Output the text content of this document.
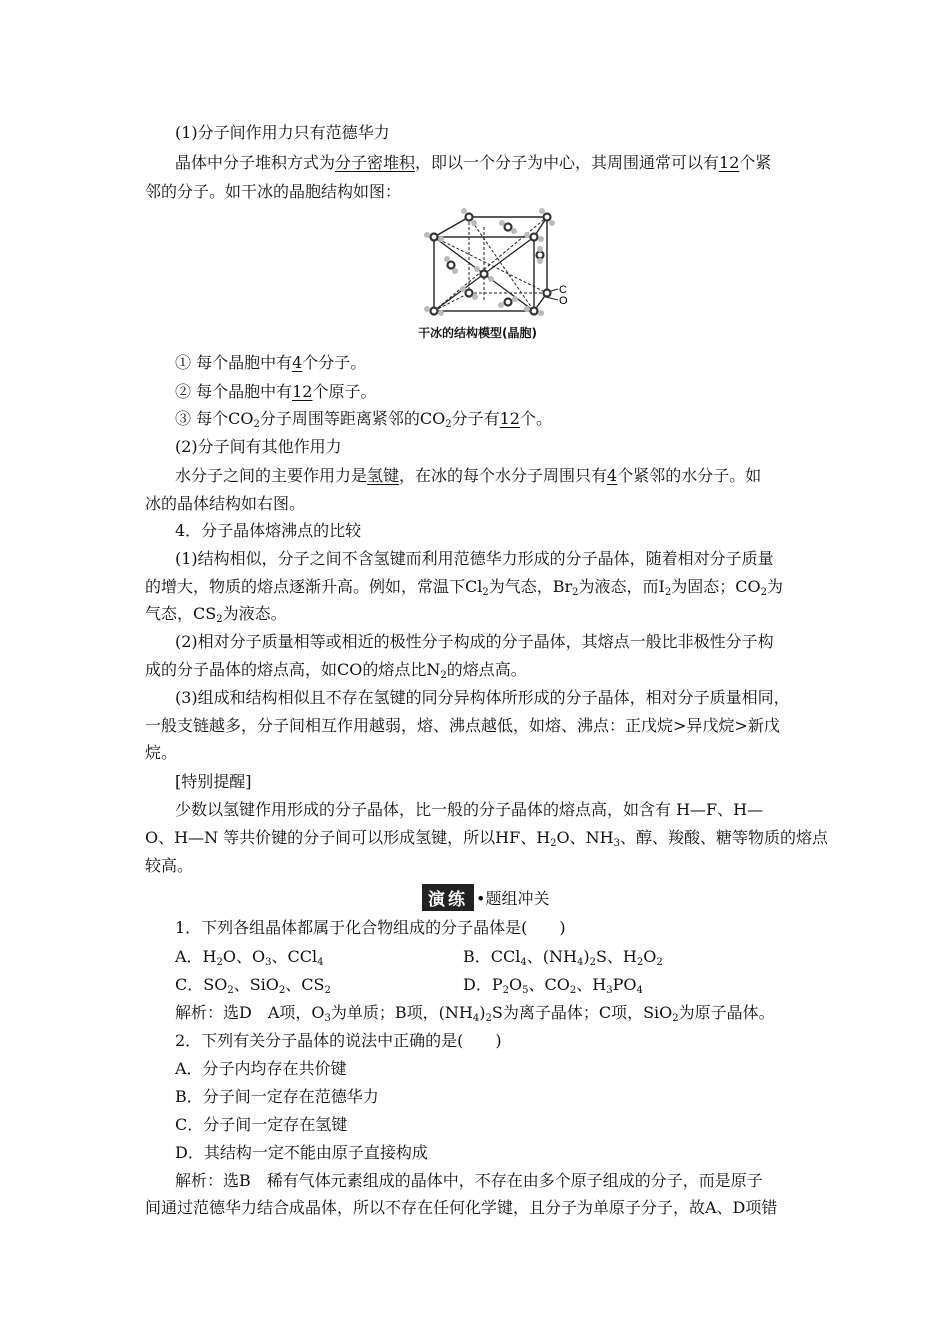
(1)分子间作用力只有范德华力
晶体中分子堆积方式为分子密堆积，即以一个分子为中心，其周围通常可以有12个紧
邻的分子。如干冰的晶胞结构如图：
C
O
干冰的结构模型(晶胞)
① 每个晶胞中有4个分子。
② 每个晶胞中有12个原子。
③ 每个$CO_2$分子周围等距离紧邻的$CO_2$分子有12个。
(2)分子间有其他作用力
水分子之间的主要作用力是氢键，在冰的每个水分子周围只有4个紧邻的水分子。如
冰的晶体结构如右图。
4．分子晶体熔沸点的比较
(1)结构相似，分子之间不含氢键而利用范德华力形成的分子晶体，随着相对分子质量
的增大，物质的熔点逐渐升高。例如，常温下$Cl_2$为气态，$Br_2$为液态，而$I_2$为固态；$CO_2$为
气态，$CS_2$为液态。
(2)相对分子质量相等或相近的极性分子构成的分子晶体，其熔点一般比非极性分子构
成的分子晶体的熔点高，如CO的熔点比$N_2$的熔点高。
(3)组成和结构相似且不存在氢键的同分异构体所形成的分子晶体，相对分子质量相同，
一般支链越多，分子间相互作用越弱，熔、沸点越低，如熔、沸点：正戊烷>异戊烷>新戊
烷。
[特别提醒]
少数以氢键作用形成的分子晶体，比一般的分子晶体的熔点高，如含有 H—F、H—
O、H—N 等共价键的分子间可以形成氢键，所以HF、$H_2O$、$NH_3$、醇、羧酸、糖等物质的熔点
较高。
演练 •题组冲关
1．下列各组晶体都属于化合物组成的分子晶体是(　　)
A．$H_2O$、$O_3$、CCl$_4$	B．CCl$_4$、$(NH_4)_2S$、$H_2O_2$
C．$SO_2$、SiO$_2$、$CS_2$	D．$P_2O_5$、$CO_2$、$H_3PO_4$
解析：选D　A项，$O_3$为单质；B项，$(NH_4)_2S$为离子晶体；C项，SiO$_2$为原子晶体。
2．下列有关分子晶体的说法中正确的是(　　)
A．分子内均存在共价键
B．分子间一定存在范德华力
C．分子间一定存在氢键
D．其结构一定不能由原子直接构成
解析：选B　稀有气体元素组成的晶体中，不存在由多个原子组成的分子，而是原子
间通过范德华力结合成晶体，所以不存在任何化学键，且分子为单原子分子，故A、D项错
